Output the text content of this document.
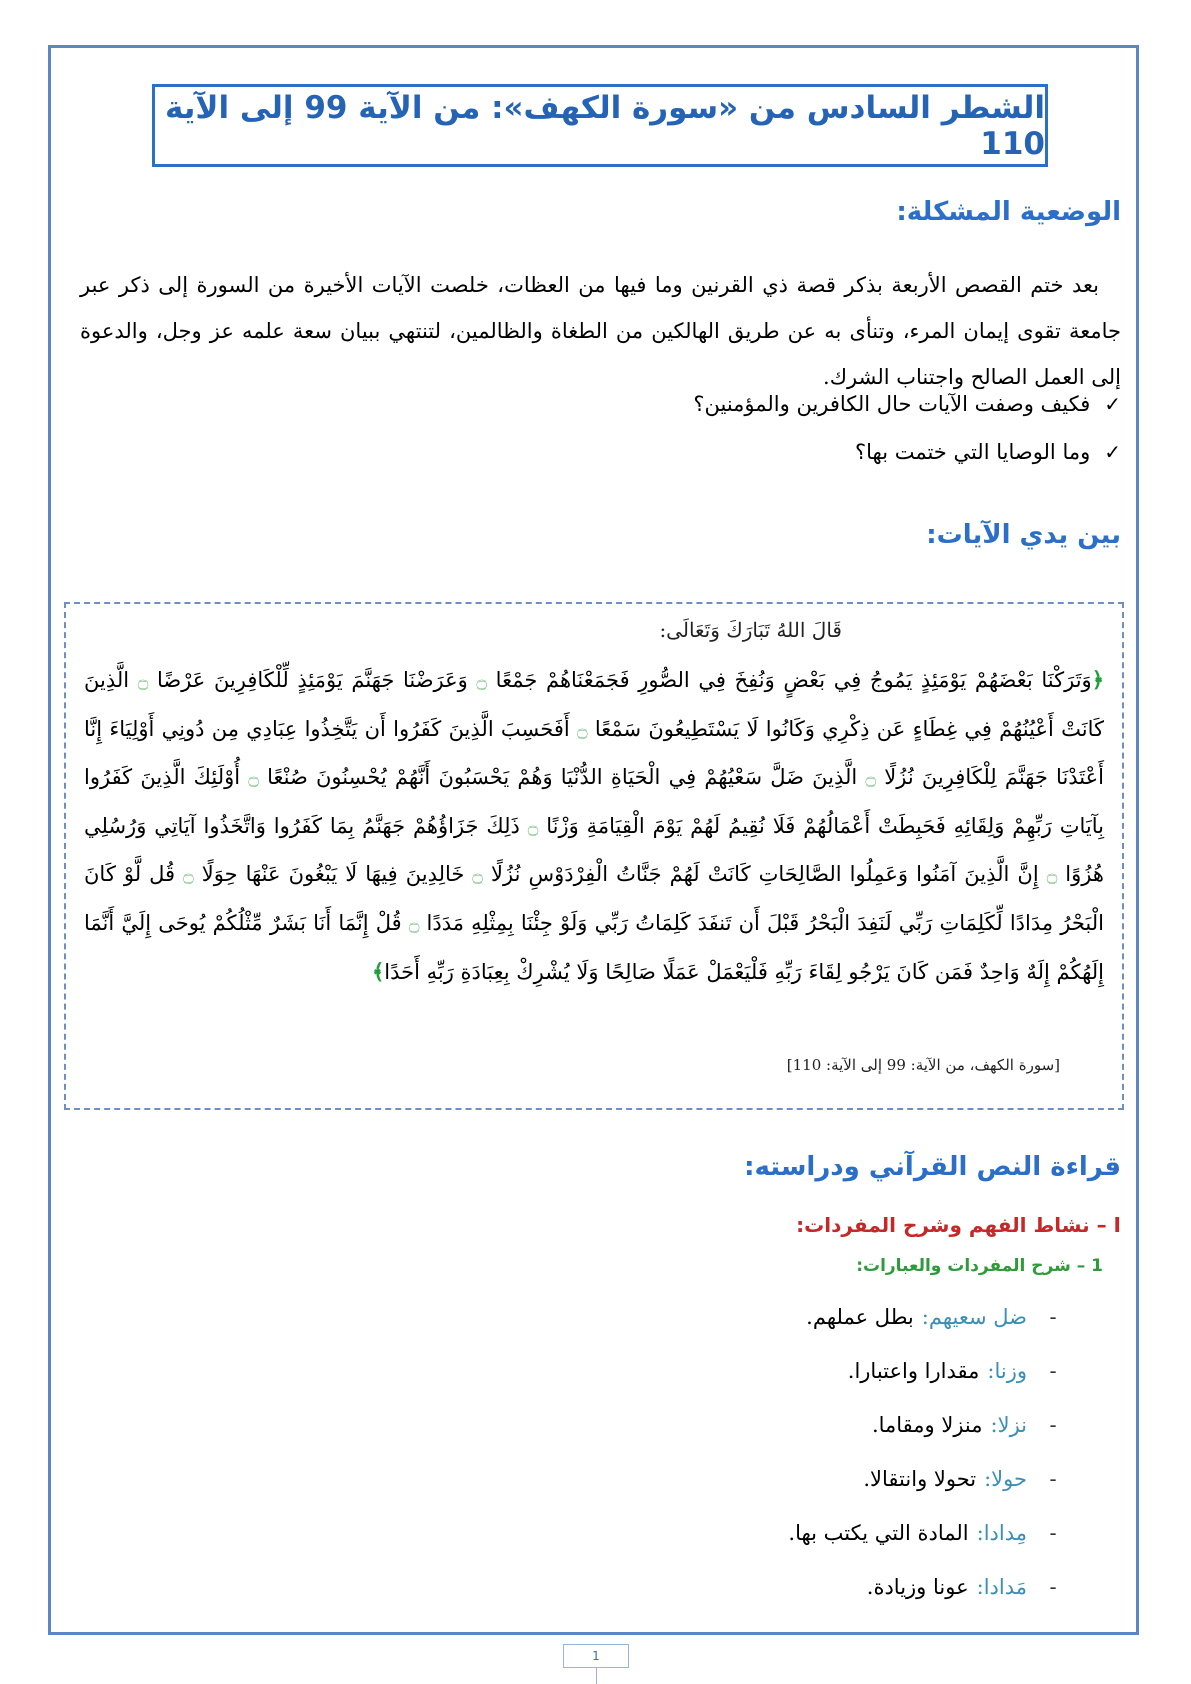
الشطر السادس من «سورة الكهف»: من الآية 99 إلى الآية 110
الوضعية المشكلة:
بعد ختم القصص الأربعة بذكر قصة ذي القرنين وما فيها من العظات، خلصت الآيات الأخيرة من السورة إلى ذكر عبر جامعة تقوى إيمان المرء، وتنأى به عن طريق الهالكين من الطغاة والظالمين، لتنتهي ببيان سعة علمه عز وجل، والدعوة إلى العمل الصالح واجتناب الشرك.
✓
فكيف وصفت الآيات حال الكافرين والمؤمنين؟
✓
وما الوصايا التي ختمت بها؟
بين يدي الآيات:
قَالَ اللهُ تَبَارَكَ وَتَعَالَى:
﴿وَتَرَكْنَا بَعْضَهُمْ يَوْمَئِذٍ يَمُوجُ فِي بَعْضٍ وَنُفِخَ فِي الصُّورِ فَجَمَعْنَاهُمْ جَمْعًا ۝ وَعَرَضْنَا جَهَنَّمَ يَوْمَئِذٍ لِّلْكَافِرِينَ عَرْضًا ۝ الَّذِينَ كَانَتْ أَعْيُنُهُمْ فِي غِطَاءٍ عَن ذِكْرِي وَكَانُوا لَا يَسْتَطِيعُونَ سَمْعًا ۝ أَفَحَسِبَ الَّذِينَ كَفَرُوا أَن يَتَّخِذُوا عِبَادِي مِن دُونِي أَوْلِيَاءَ إِنَّا أَعْتَدْنَا جَهَنَّمَ لِلْكَافِرِينَ نُزُلًا ۝ الَّذِينَ ضَلَّ سَعْيُهُمْ فِي الْحَيَاةِ الدُّنْيَا وَهُمْ يَحْسَبُونَ أَنَّهُمْ يُحْسِنُونَ صُنْعًا ۝ أُوْلَئِكَ الَّذِينَ كَفَرُوا بِآيَاتِ رَبِّهِمْ وَلِقَائِهِ فَحَبِطَتْ أَعْمَالُهُمْ فَلَا نُقِيمُ لَهُمْ يَوْمَ الْقِيَامَةِ وَزْنًا ۝ ذَلِكَ جَزَاؤُهُمْ جَهَنَّمُ بِمَا كَفَرُوا وَاتَّخَذُوا آيَاتِي وَرُسُلِي هُزُوًا ۝ إِنَّ الَّذِينَ آمَنُوا وَعَمِلُوا الصَّالِحَاتِ كَانَتْ لَهُمْ جَنَّاتُ الْفِرْدَوْسِ نُزُلًا ۝ خَالِدِينَ فِيهَا لَا يَبْغُونَ عَنْهَا حِوَلًا ۝ قُل لَّوْ كَانَ الْبَحْرُ مِدَادًا لِّكَلِمَاتِ رَبِّي لَنَفِدَ الْبَحْرُ قَبْلَ أَن تَنفَدَ كَلِمَاتُ رَبِّي وَلَوْ جِئْنَا بِمِثْلِهِ مَدَدًا ۝ قُلْ إِنَّمَا أَنَا بَشَرٌ مِّثْلُكُمْ يُوحَى إِلَيَّ أَنَّمَا إِلَهُكُمْ إِلَهٌ وَاحِدٌ فَمَن كَانَ يَرْجُو لِقَاءَ رَبِّهِ فَلْيَعْمَلْ عَمَلًا صَالِحًا وَلَا يُشْرِكْ بِعِبَادَةِ رَبِّهِ أَحَدًا﴾
[سورة الكهف، من الآية: 99 إلى الآية: 110]
قراءة النص القرآني ودراسته:
I – نشاط الفهم وشرح المفردات:
1 – شرح المفردات والعبارات:
-
ضل سعيهم:
بطل عملهم.
-
وزنا:
مقدارا واعتبارا.
-
نزلا:
منزلا ومقاما.
-
حولا:
تحولا وانتقالا.
-
مِدادا:
المادة التي يكتب بها.
-
مَدادا:
عونا وزيادة.
1
